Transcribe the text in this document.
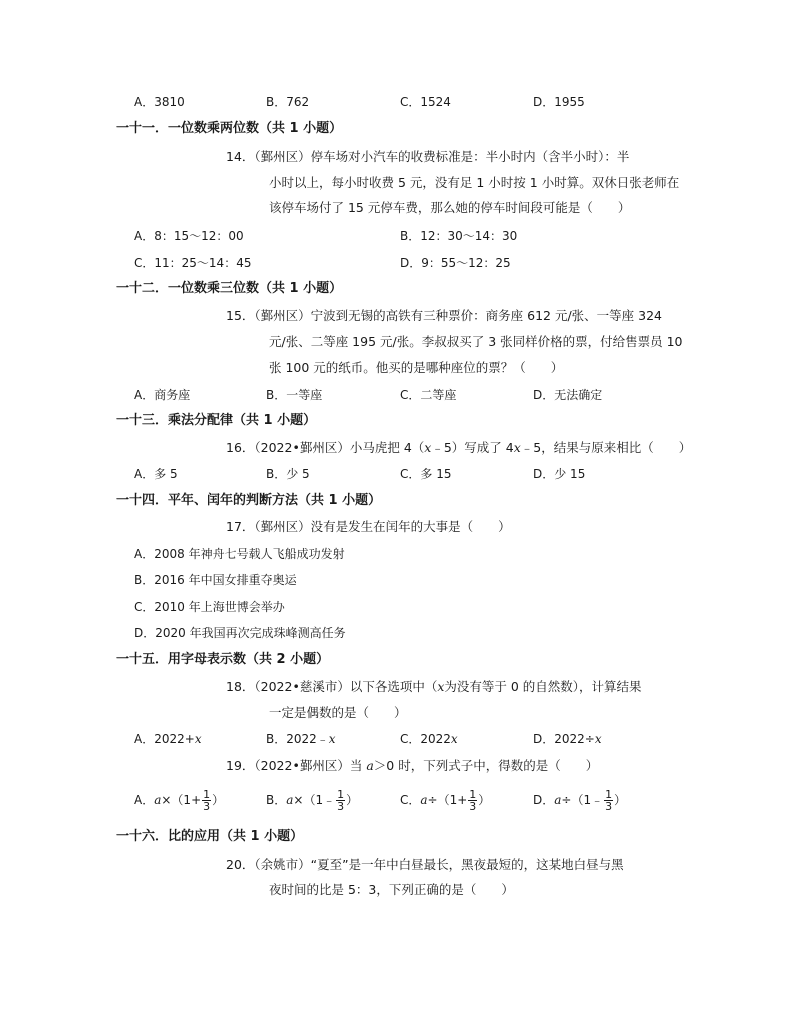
A．3810	B．762	C．1524	D．1955
一十一．一位数乘两位数（共 1 小题）
14．（鄞州区）停车场对小汽车的收费标准是：半小时内（含半小时）：半
小时以上，每小时收费 5 元，没有足 1 小时按 1 小时算。双休日张老师在
该停车场付了 15 元停车费，那么她的停车时间段可能是（　　）
A．8：15～12：00	B．12：30～14：30
C．11：25～14：45	D．9：55～12：25
一十二．一位数乘三位数（共 1 小题）
15．（鄞州区）宁波到无锡的高铁有三种票价：商务座 612 元/张、一等座 324
元/张、二等座 195 元/张。李叔叔买了 3 张同样价格的票，付给售票员 10
张 100 元的纸币。他买的是哪种座位的票？（　　）
A．商务座	B．一等座	C．二等座	D．无法确定
一十三．乘法分配律（共 1 小题）
16．（2022•鄞州区）小马虎把 4（x﹣5）写成了 4x﹣5，结果与原来相比（　　）
A．多 5	B．少 5	C．多 15	D．少 15
一十四．平年、闰年的判断方法（共 1 小题）
17．（鄞州区）没有是发生在闰年的大事是（　　）
A．2008 年神舟七号载人飞船成功发射
B．2016 年中国女排重夺奥运
C．2010 年上海世博会举办
D．2020 年我国再次完成珠峰测高任务
一十五．用字母表示数（共 2 小题）
18．（2022•慈溪市）以下各选项中（x为没有等于 0 的自然数），计算结果
一定是偶数的是（　　）
A．2022+x	B．2022﹣x	C．2022x	D．2022÷x
19．（2022•鄞州区）当 a＞0 时，下列式子中，得数的是（　　）
A．$a\times(1+ \frac{1}{3}$ ）	B．a×（1﹣ $\frac{1}{3}$ ）	C．$a\div(1+ \frac{1}{3}$ ）	D．a÷（1﹣ $\frac{1}{3}$ ）
一十六．比的应用（共 1 小题）
20．（余姚市）“夏至”是一年中白昼最长，黑夜最短的，这某地白昼与黑
夜时间的比是 5：3，下列正确的是（　　）
